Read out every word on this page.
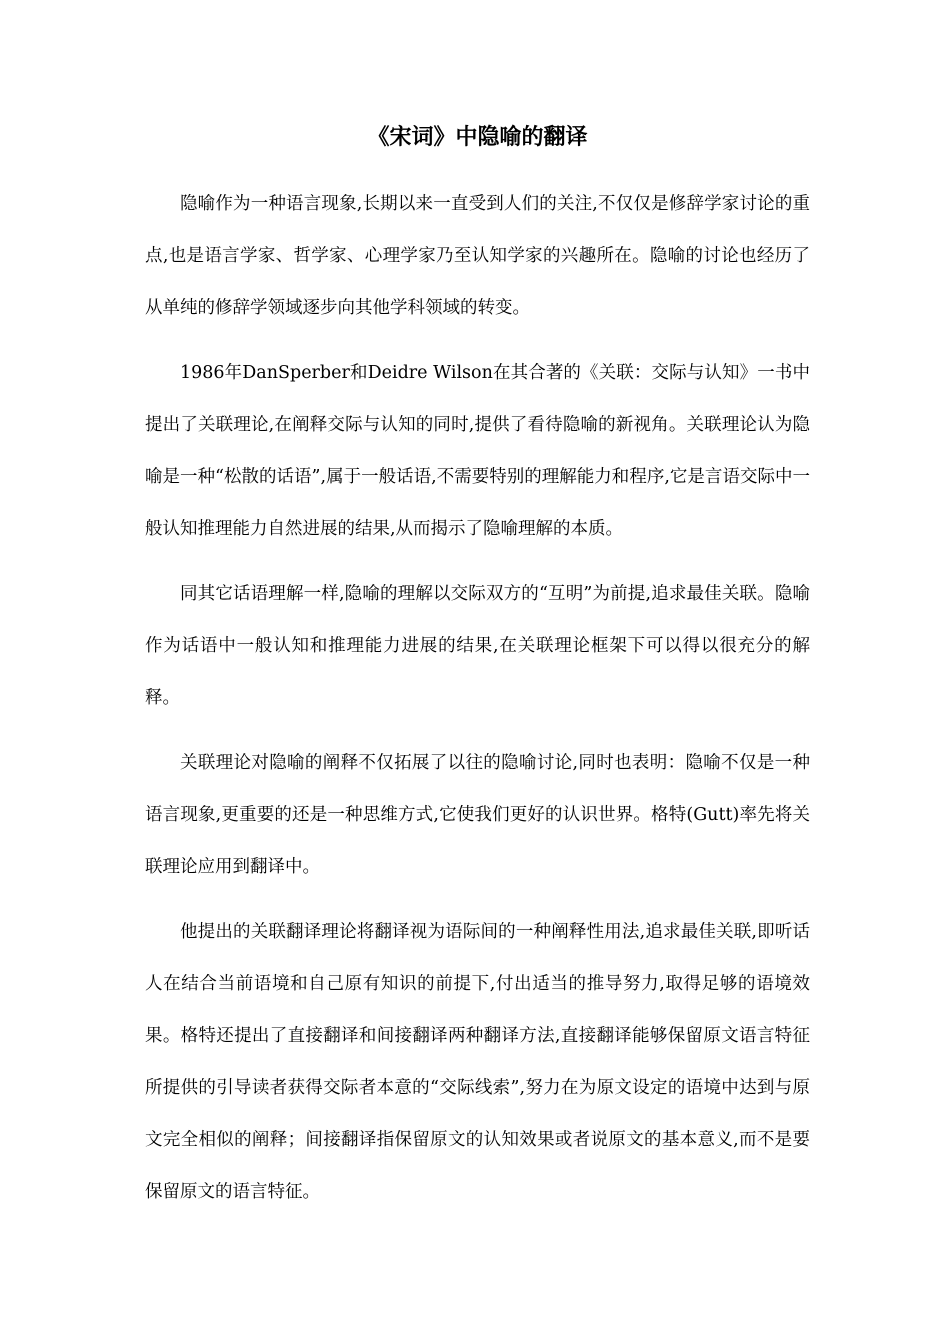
《宋词》中隐喻的翻译

隐喻作为一种语言现象,长期以来一直受到人们的关注,不仅仅是修辞学家讨论的重点,也是语言学家、哲学家、心理学家乃至认知学家的兴趣所在。隐喻的讨论也经历了从单纯的修辞学领域逐步向其他学科领域的转变。

1986年DanSperber和Deidre Wilson在其合著的《关联：交际与认知》一书中提出了关联理论,在阐释交际与认知的同时,提供了看待隐喻的新视角。关联理论认为隐喻是一种“松散的话语”,属于一般话语,不需要特别的理解能力和程序,它是言语交际中一般认知推理能力自然进展的结果,从而揭示了隐喻理解的本质。

同其它话语理解一样,隐喻的理解以交际双方的“互明”为前提,追求最佳关联。隐喻作为话语中一般认知和推理能力进展的结果,在关联理论框架下可以得以很充分的解释。

关联理论对隐喻的阐释不仅拓展了以往的隐喻讨论,同时也表明：隐喻不仅是一种语言现象,更重要的还是一种思维方式,它使我们更好的认识世界。格特(Gutt)率先将关联理论应用到翻译中。

他提出的关联翻译理论将翻译视为语际间的一种阐释性用法,追求最佳关联,即听话人在结合当前语境和自己原有知识的前提下,付出适当的推导努力,取得足够的语境效果。格特还提出了直接翻译和间接翻译两种翻译方法,直接翻译能够保留原文语言特征所提供的引导读者获得交际者本意的“交际线索”,努力在为原文设定的语境中达到与原文完全相似的阐释；间接翻译指保留原文的认知效果或者说原文的基本意义,而不是要保留原文的语言特征。
